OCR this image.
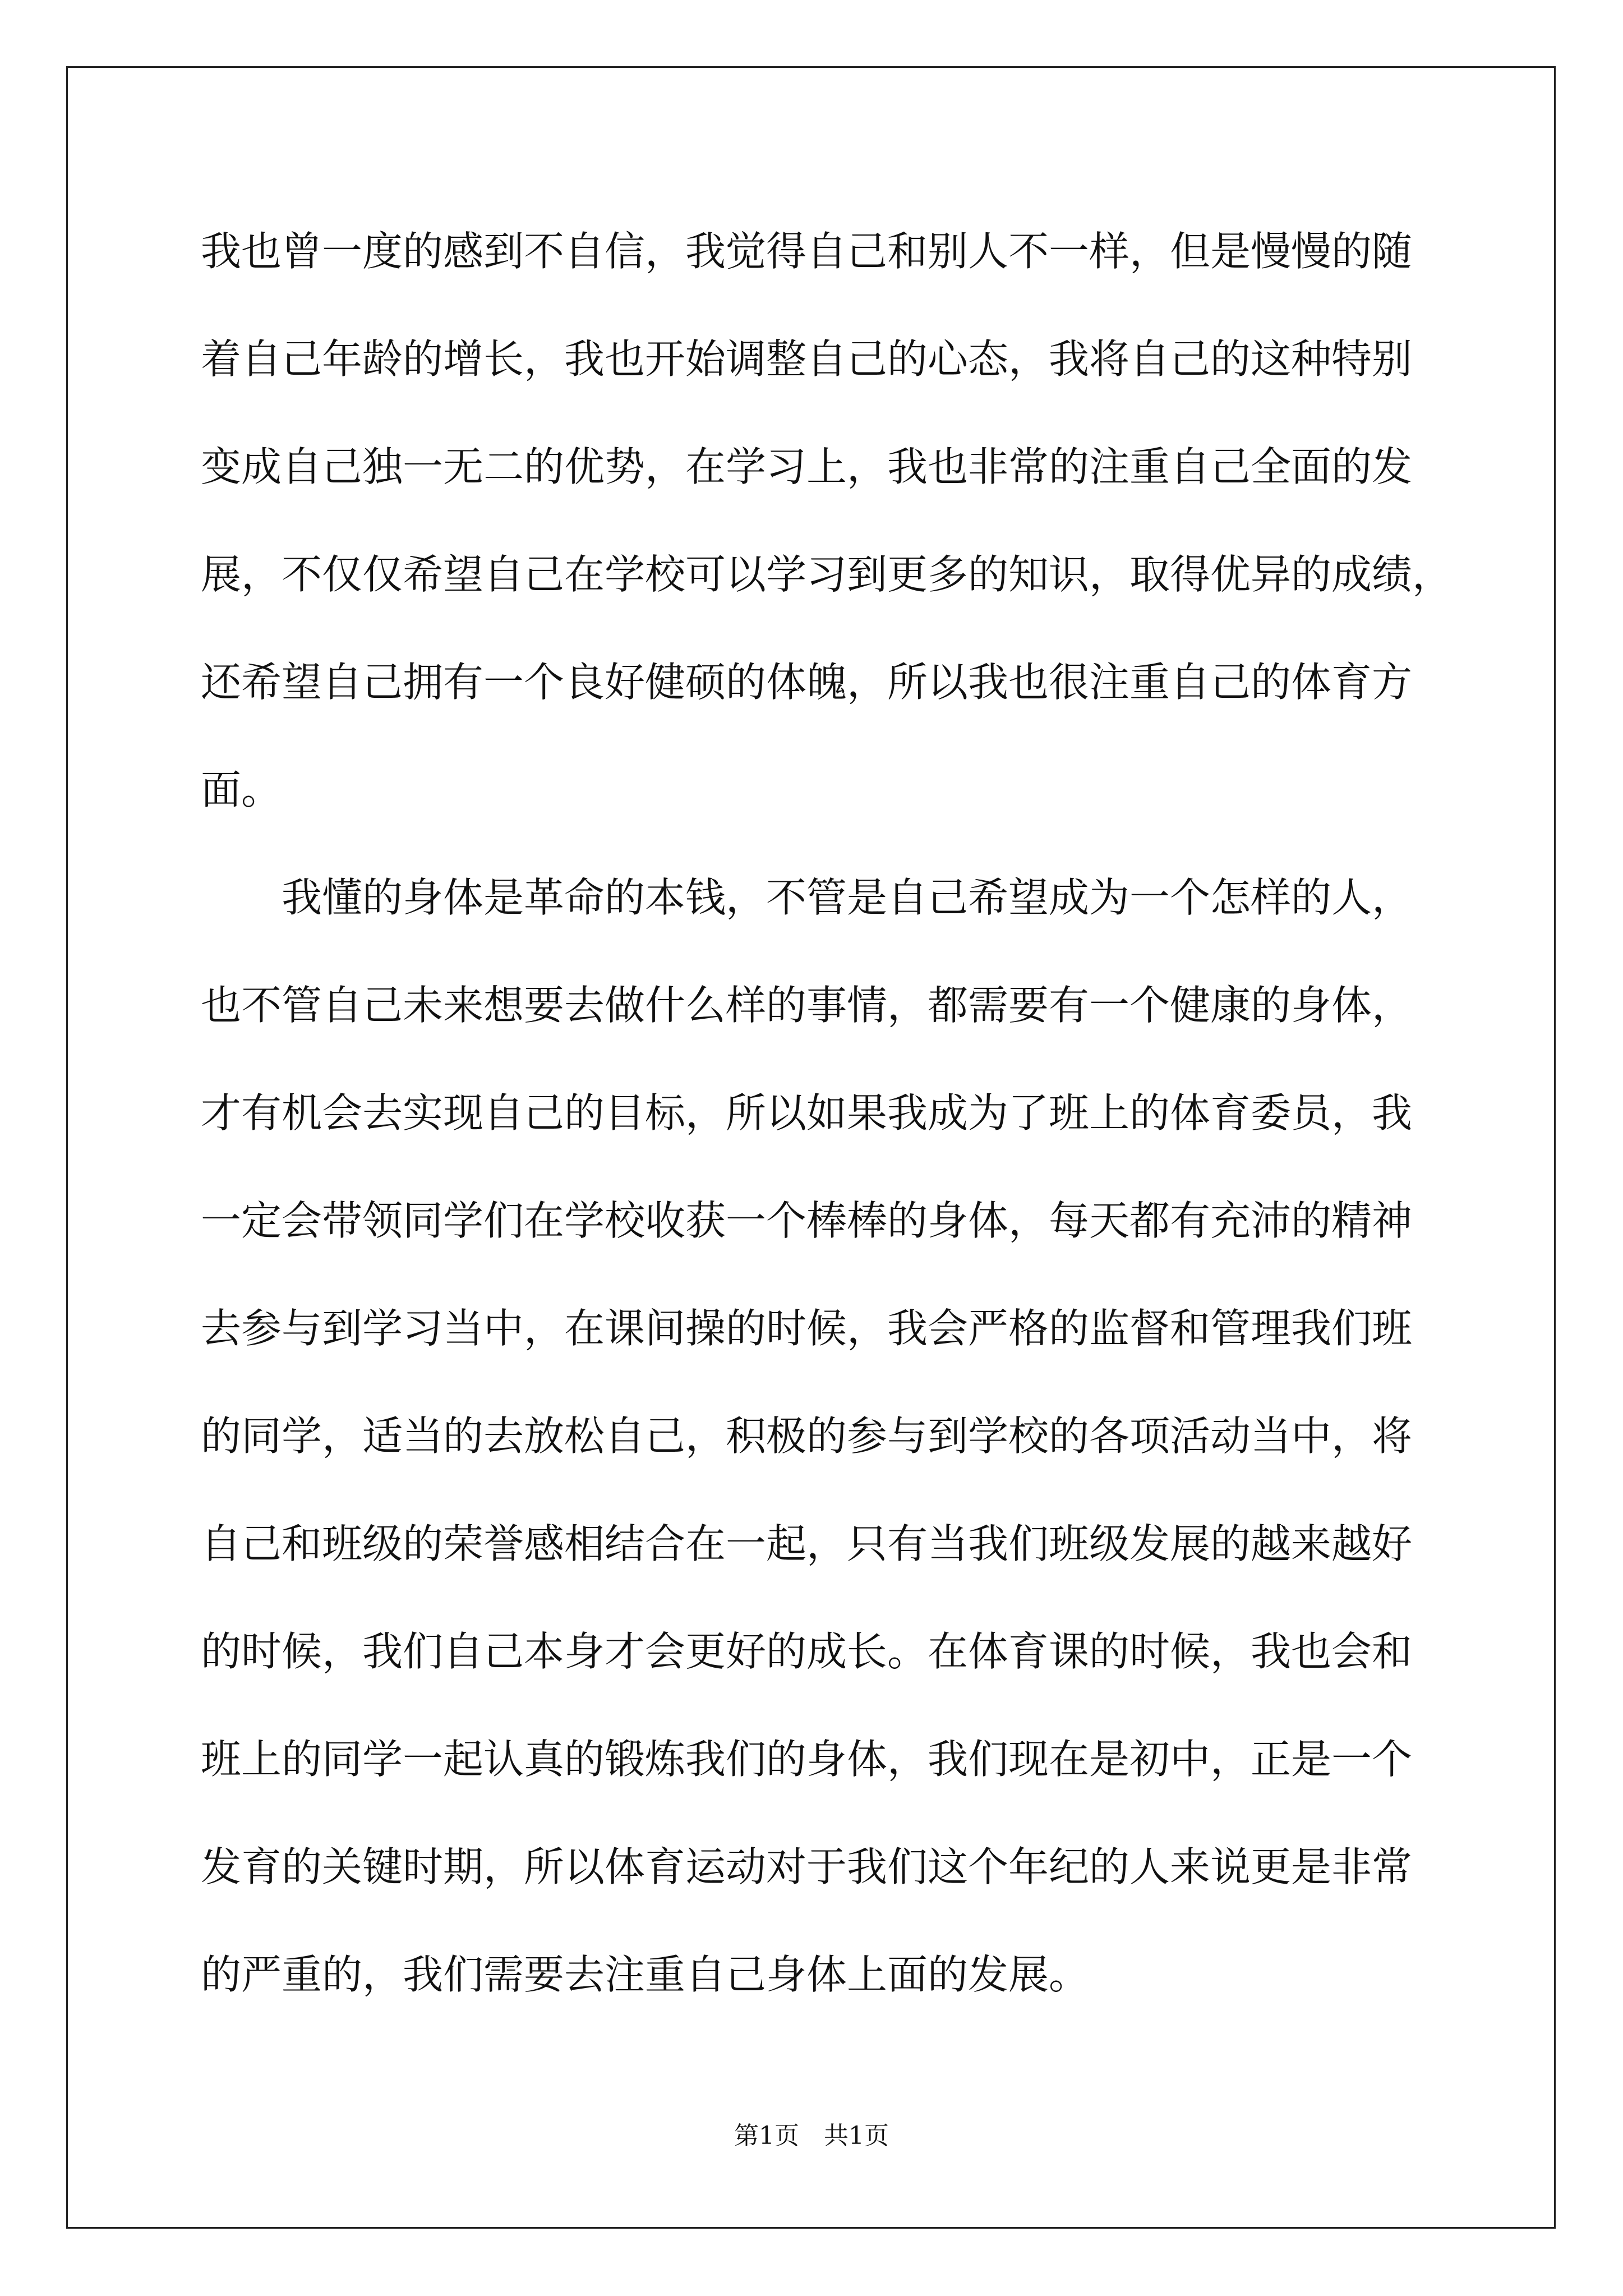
我也曾一度的感到不自信，我觉得自己和别人不一样，但是慢慢的随
着自己年龄的增长，我也开始调整自己的心态，我将自己的这种特别
变成自己独一无二的优势，在学习上，我也非常的注重自己全面的发
展，不仅仅希望自己在学校可以学习到更多的知识，取得优异的成绩，
还希望自己拥有一个良好健硕的体魄，所以我也很注重自己的体育方
面。
　　我懂的身体是革命的本钱，不管是自己希望成为一个怎样的人，
也不管自己未来想要去做什么样的事情，都需要有一个健康的身体，
才有机会去实现自己的目标，所以如果我成为了班上的体育委员，我
一定会带领同学们在学校收获一个棒棒的身体，每天都有充沛的精神
去参与到学习当中，在课间操的时候，我会严格的监督和管理我们班
的同学，适当的去放松自己，积极的参与到学校的各项活动当中，将
自己和班级的荣誉感相结合在一起，只有当我们班级发展的越来越好
的时候，我们自己本身才会更好的成长。在体育课的时候，我也会和
班上的同学一起认真的锻炼我们的身体，我们现在是初中，正是一个
发育的关键时期，所以体育运动对于我们这个年纪的人来说更是非常
的严重的，我们需要去注重自己身体上面的发展。
第1页　共1页
